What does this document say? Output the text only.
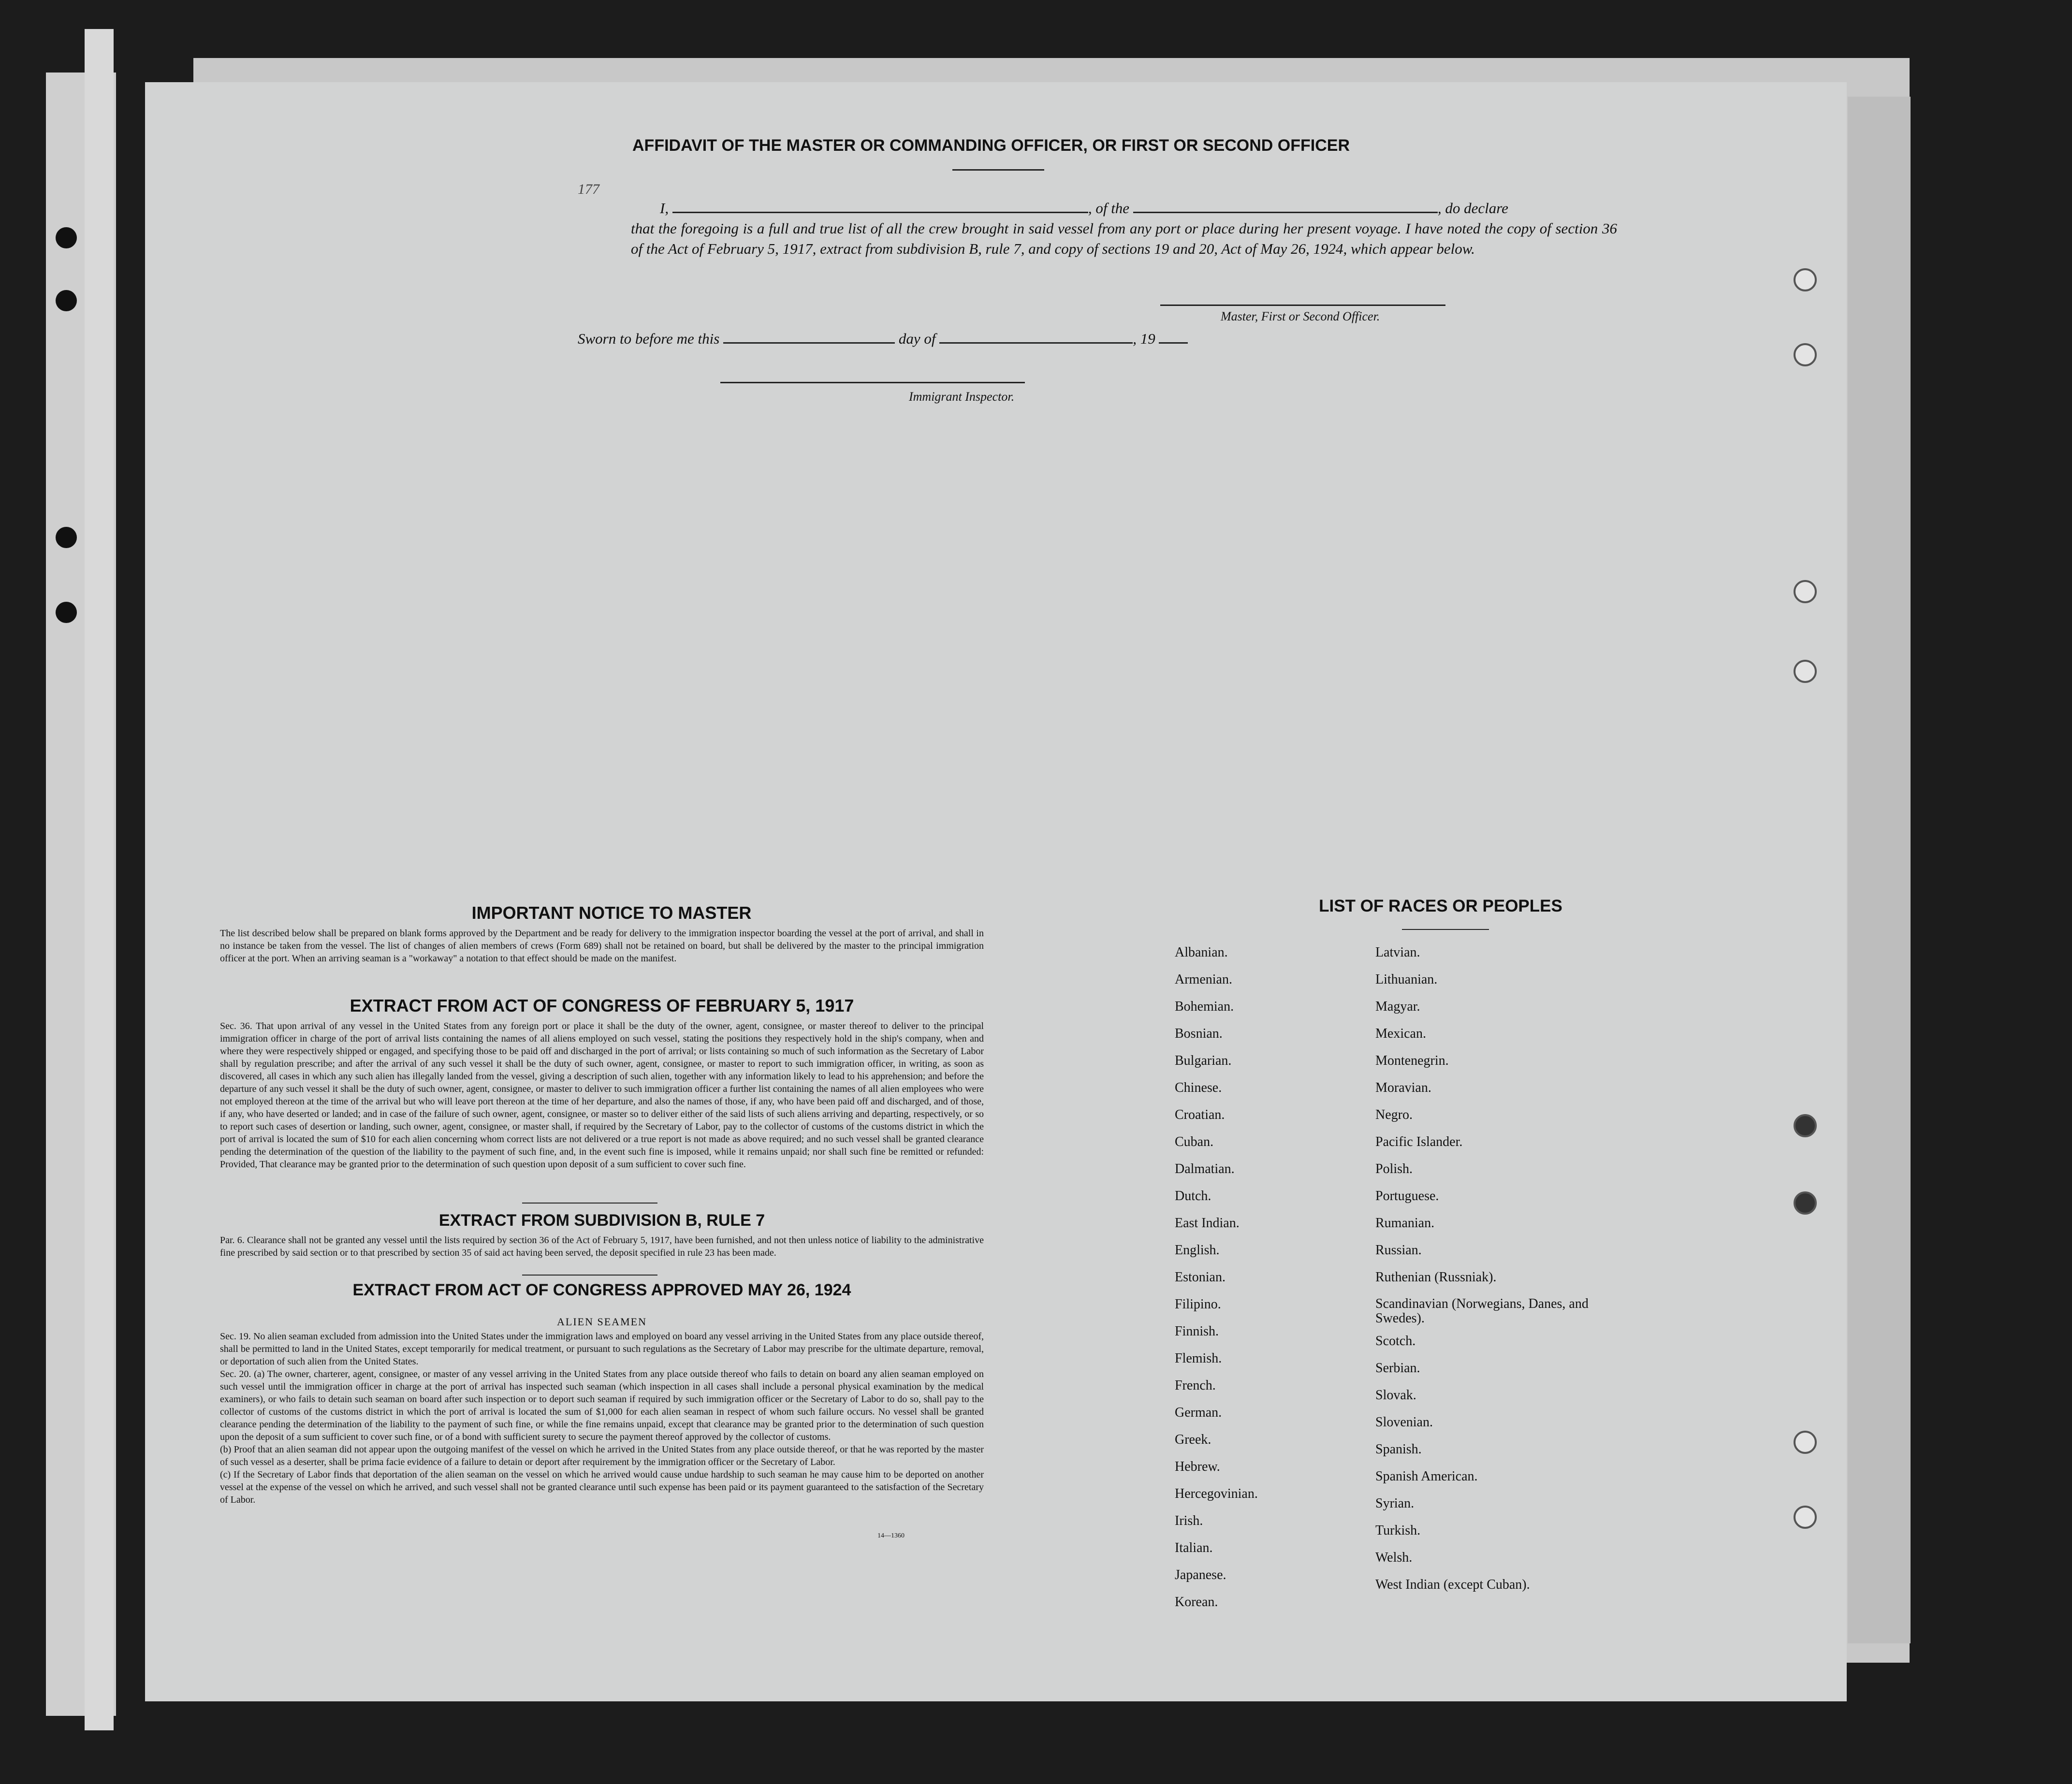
AFFIDAVIT OF THE MASTER OR COMMANDING OFFICER, OR FIRST OR SECOND OFFICER
177
I,	, of the	, do declare
that the foregoing is a full and true list of all the crew brought in said vessel from any port or place during her present voyage. I have noted the copy of section 36 of the Act of February 5, 1917, extract from subdivision B, rule 7, and copy of sections 19 and 20, Act of May 26, 1924, which appear below.
Master, First or Second Officer.
Sworn to before me this	day of	, 19
Immigrant Inspector.
IMPORTANT NOTICE TO MASTER
The list described below shall be prepared on blank forms approved by the Department and be ready for delivery to the immigration inspector boarding the vessel at the port of arrival, and shall in no instance be taken from the vessel. The list of changes of alien members of crews (Form 689) shall not be retained on board, but shall be delivered by the master to the principal immigration officer at the port. When an arriving seaman is a "workaway" a notation to that effect should be made on the manifest.
EXTRACT FROM ACT OF CONGRESS OF FEBRUARY 5, 1917
Sec. 36. That upon arrival of any vessel in the United States from any foreign port or place it shall be the duty of the owner, agent, consignee, or master thereof to deliver to the principal immigration officer in charge of the port of arrival lists containing the names of all aliens employed on such vessel, stating the positions they respectively hold in the ship's company, when and where they were respectively shipped or engaged, and specifying those to be paid off and discharged in the port of arrival; or lists containing so much of such information as the Secretary of Labor shall by regulation prescribe; and after the arrival of any such vessel it shall be the duty of such owner, agent, consignee, or master to report to such immigration officer, in writing, as soon as discovered, all cases in which any such alien has illegally landed from the vessel, giving a description of such alien, together with any information likely to lead to his apprehension; and before the departure of any such vessel it shall be the duty of such owner, agent, consignee, or master to deliver to such immigration officer a further list containing the names of all alien employees who were not employed thereon at the time of the arrival but who will leave port thereon at the time of her departure, and also the names of those, if any, who have been paid off and discharged, and of those, if any, who have deserted or landed; and in case of the failure of such owner, agent, consignee, or master so to deliver either of the said lists of such aliens arriving and departing, respectively, or so to report such cases of desertion or landing, such owner, agent, consignee, or master shall, if required by the Secretary of Labor, pay to the collector of customs of the customs district in which the port of arrival is located the sum of $10 for each alien concerning whom correct lists are not delivered or a true report is not made as above required; and no such vessel shall be granted clearance pending the determination of the question of the liability to the payment of such fine, and, in the event such fine is imposed, while it remains unpaid; nor shall such fine be remitted or refunded: Provided, That clearance may be granted prior to the determination of such question upon deposit of a sum sufficient to cover such fine.
EXTRACT FROM SUBDIVISION B, RULE 7
Par. 6. Clearance shall not be granted any vessel until the lists required by section 36 of the Act of February 5, 1917, have been furnished, and not then unless notice of liability to the administrative fine prescribed by said section or to that prescribed by section 35 of said act having been served, the deposit specified in rule 23 has been made.
EXTRACT FROM ACT OF CONGRESS APPROVED MAY 26, 1924
ALIEN SEAMEN
Sec. 19. No alien seaman excluded from admission into the United States under the immigration laws and employed on board any vessel arriving in the United States from any place outside thereof, shall be permitted to land in the United States, except temporarily for medical treatment, or pursuant to such regulations as the Secretary of Labor may prescribe for the ultimate departure, removal, or deportation of such alien from the United States.
Sec. 20. (a) The owner, charterer, agent, consignee, or master of any vessel arriving in the United States from any place outside thereof who fails to detain on board any alien seaman employed on such vessel until the immigration officer in charge at the port of arrival has inspected such seaman (which inspection in all cases shall include a personal physical examination by the medical examiners), or who fails to detain such seaman on board after such inspection or to deport such seaman if required by such immigration officer or the Secretary of Labor to do so, shall pay to the collector of customs of the customs district in which the port of arrival is located the sum of $1,000 for each alien seaman in respect of whom such failure occurs. No vessel shall be granted clearance pending the determination of the liability to the payment of such fine, or while the fine remains unpaid, except that clearance may be granted prior to the determination of such question upon the deposit of a sum sufficient to cover such fine, or of a bond with sufficient surety to secure the payment thereof approved by the collector of customs.
(b) Proof that an alien seaman did not appear upon the outgoing manifest of the vessel on which he arrived in the United States from any place outside thereof, or that he was reported by the master of such vessel as a deserter, shall be prima facie evidence of a failure to detain or deport after requirement by the immigration officer or the Secretary of Labor.
(c) If the Secretary of Labor finds that deportation of the alien seaman on the vessel on which he arrived would cause undue hardship to such seaman he may cause him to be deported on another vessel at the expense of the vessel on which he arrived, and such vessel shall not be granted clearance until such expense has been paid or its payment guaranteed to the satisfaction of the Secretary of Labor.
14—1360
LIST OF RACES OR PEOPLES
Albanian.
Armenian.
Bohemian.
Bosnian.
Bulgarian.
Chinese.
Croatian.
Cuban.
Dalmatian.
Dutch.
East Indian.
English.
Estonian.
Filipino.
Finnish.
Flemish.
French.
German.
Greek.
Hebrew.
Hercegovinian.
Irish.
Italian.
Japanese.
Korean.
Latvian.
Lithuanian.
Magyar.
Mexican.
Montenegrin.
Moravian.
Negro.
Pacific Islander.
Polish.
Portuguese.
Rumanian.
Russian.
Ruthenian (Russniak).
Scandinavian (Norwegians, Danes, and Swedes).
Scotch.
Serbian.
Slovak.
Slovenian.
Spanish.
Spanish American.
Syrian.
Turkish.
Welsh.
West Indian (except Cuban).
